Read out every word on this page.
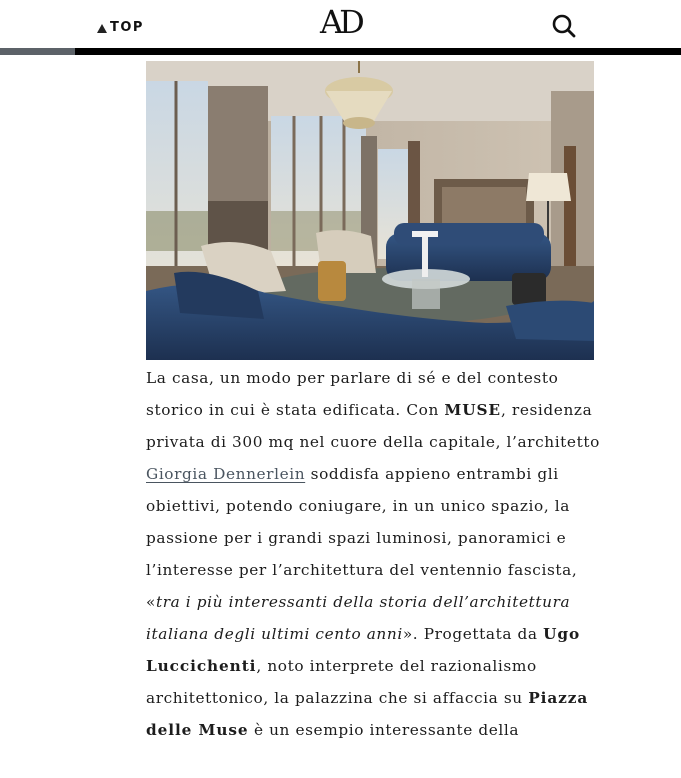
TOP	AD

La casa, un modo per parlare di sé e del contesto storico in cui è stata edificata. Con MUSE, residenza privata di 300 mq nel cuore della capitale, l’architetto Giorgia Dennerlein soddisfa appieno entrambi gli obiettivi, potendo coniugare, in un unico spazio, la passione per i grandi spazi luminosi, panoramici e l’interesse per l’architettura del ventennio fascista, «tra i più interessanti della storia dell’architettura italiana degli ultimi cento anni». Progettata da Ugo Luccichenti, noto interprete del razionalismo architettonico, la palazzina che si affaccia su Piazza delle Muse è un esempio interessante della
